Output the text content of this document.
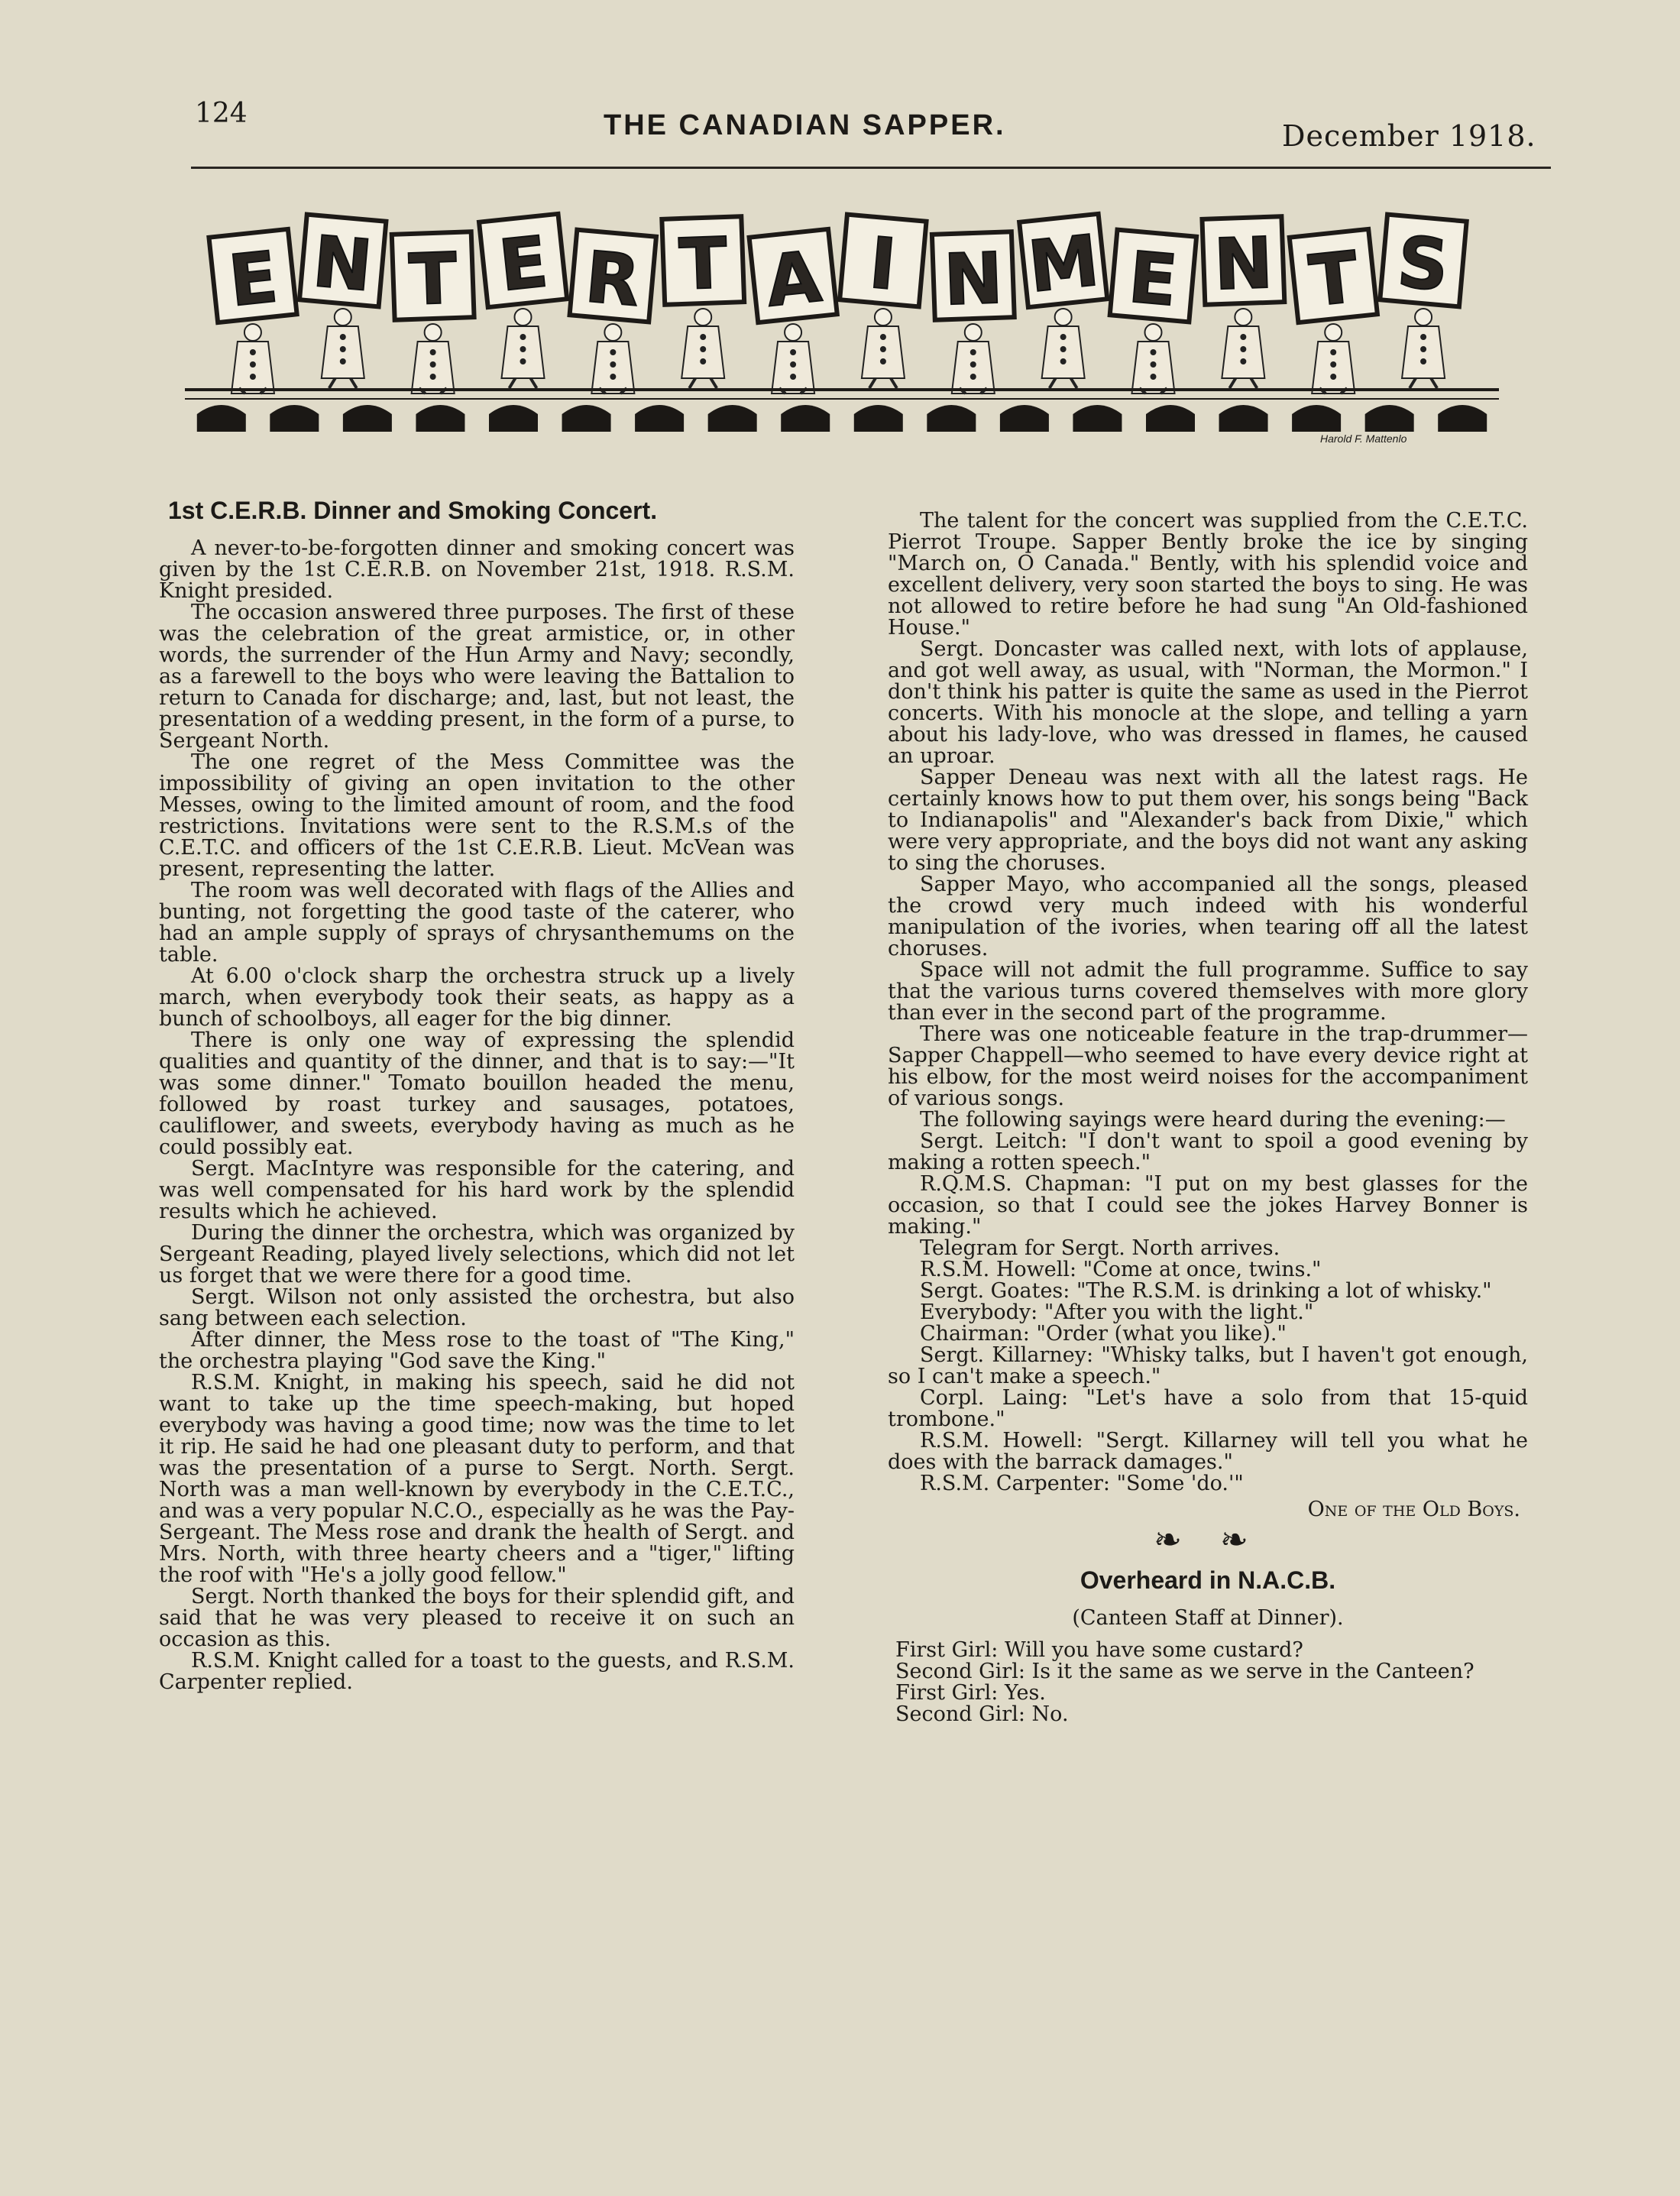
124	THE CANADIAN SAPPER.	December 1918.
E N T E R T A I N M E N T S
Harold F. Mattenlo
1st C.E.R.B. Dinner and Smoking Concert.

A never-to-be-forgotten dinner and smoking concert was given by the 1st C.E.R.B. on November 21st, 1918. R.S.M. Knight presided.

The occasion answered three purposes. The first of these was the celebration of the great armistice, or, in other words, the surrender of the Hun Army and Navy; secondly, as a farewell to the boys who were leaving the Battalion to return to Canada for discharge; and, last, but not least, the presentation of a wedding present, in the form of a purse, to Sergeant North.

The one regret of the Mess Committee was the impossibility of giving an open invitation to the other Messes, owing to the limited amount of room, and the food restrictions. Invitations were sent to the R.S.M.s of the C.E.T.C. and officers of the 1st C.E.R.B. Lieut. McVean was present, representing the latter.

The room was well decorated with flags of the Allies and bunting, not forgetting the good taste of the caterer, who had an ample supply of sprays of chrysanthemums on the table.

At 6.00 o'clock sharp the orchestra struck up a lively march, when everybody took their seats, as happy as a bunch of schoolboys, all eager for the big dinner.

There is only one way of expressing the splendid qualities and quantity of the dinner, and that is to say:—"It was some dinner." Tomato bouillon headed the menu, followed by roast turkey and sausages, potatoes, cauliflower, and sweets, everybody having as much as he could possibly eat.

Sergt. MacIntyre was responsible for the catering, and was well compensated for his hard work by the splendid results which he achieved.

During the dinner the orchestra, which was organized by Sergeant Reading, played lively selections, which did not let us forget that we were there for a good time.

Sergt. Wilson not only assisted the orchestra, but also sang between each selection.

After dinner, the Mess rose to the toast of "The King," the orchestra playing "God save the King."

R.S.M. Knight, in making his speech, said he did not want to take up the time speech-making, but hoped everybody was having a good time; now was the time to let it rip. He said he had one pleasant duty to perform, and that was the presentation of a purse to Sergt. North. Sergt. North was a man well-known by everybody in the C.E.T.C., and was a very popular N.C.O., especially as he was the Pay-Sergeant. The Mess rose and drank the health of Sergt. and Mrs. North, with three hearty cheers and a "tiger," lifting the roof with "He's a jolly good fellow."

Sergt. North thanked the boys for their splendid gift, and said that he was very pleased to receive it on such an occasion as this.

R.S.M. Knight called for a toast to the guests, and R.S.M. Carpenter replied.

The talent for the concert was supplied from the C.E.T.C. Pierrot Troupe. Sapper Bently broke the ice by singing "March on, O Canada." Bently, with his splendid voice and excellent delivery, very soon started the boys to sing. He was not allowed to retire before he had sung "An Old-fashioned House."

Sergt. Doncaster was called next, with lots of applause, and got well away, as usual, with "Norman, the Mormon." I don't think his patter is quite the same as used in the Pierrot concerts. With his monocle at the slope, and telling a yarn about his lady-love, who was dressed in flames, he caused an uproar.

Sapper Deneau was next with all the latest rags. He certainly knows how to put them over, his songs being "Back to Indianapolis" and "Alexander's back from Dixie," which were very appropriate, and the boys did not want any asking to sing the choruses.

Sapper Mayo, who accompanied all the songs, pleased the crowd very much indeed with his wonderful manipulation of the ivories, when tearing off all the latest choruses.

Space will not admit the full programme. Suffice to say that the various turns covered themselves with more glory than ever in the second part of the programme.

There was one noticeable feature in the trap-drummer—Sapper Chappell—who seemed to have every device right at his elbow, for the most weird noises for the accompaniment of various songs.

The following sayings were heard during the evening:—

Sergt. Leitch: "I don't want to spoil a good evening by making a rotten speech."

R.Q.M.S. Chapman: "I put on my best glasses for the occasion, so that I could see the jokes Harvey Bonner is making."

Telegram for Sergt. North arrives.

R.S.M. Howell: "Come at once, twins."

Sergt. Goates: "The R.S.M. is drinking a lot of whisky."

Everybody: "After you with the light."

Chairman: "Order (what you like)."

Sergt. Killarney: "Whisky talks, but I haven't got enough, so I can't make a speech."

Corpl. Laing: "Let's have a solo from that 15-quid trombone."

R.S.M. Howell: "Sergt. Killarney will tell you what he does with the barrack damages."

R.S.M. Carpenter: "Some 'do.'"

One of the Old Boys.
❧ ❧
Overheard in N.A.C.B.
(Canteen Staff at Dinner).

First Girl: Will you have some custard?

Second Girl: Is it the same as we serve in the Canteen?

First Girl: Yes.

Second Girl: No.
